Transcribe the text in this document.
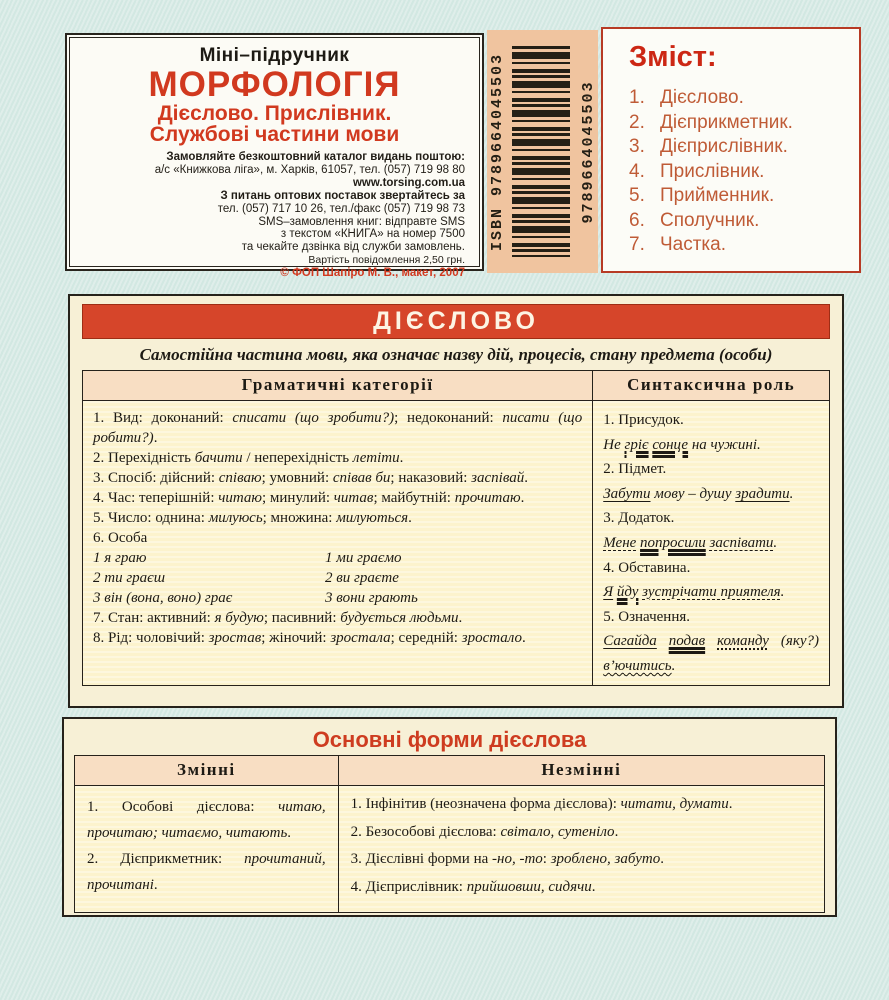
Міні–підручник
МОРФОЛОГІЯ
Дієслово. Прислівник.
Службові частини мови
Замовляйте безкоштовний каталог видань поштою:
а/с «Книжкова ліга», м. Харків, 61057, тел. (057) 719 98 80
www.torsing.com.ua
З питань оптових поставок звертайтесь за
тел. (057) 717 10 26, тел./факс (057) 719 98 73
SMS–замовлення книг: відправте SMS
з текстом «КНИГА» на номер 7500
та чекайте дзвінка від служби замовлень.
Вартість повідомлення 2,50 грн.
© ФОП Шапіро М. В., макет, 2007
ISBN 9789664045503	9789664045503
Зміст:
1. Дієслово.
2. Дієприкметник.
3. Дієприслівник.
4. Прислівник.
5. Прийменник.
6. Сполучник.
7. Частка.
ДІЄСЛОВО
Самостійна частина мови, яка означає назву дій, процесів, стану предмета (особи)
Граматичні категорії	Синтаксична роль

1. Вид: доконаний: списати (що зробити?); недоконаний: писати (що робити?).

2. Перехідність бачити / неперехідність летіти.

3. Спосіб: дійсний: співаю; умовний: співав би; наказовий: заспівай.

4. Час: теперішній: читаю; минулий: читав; майбутній: прочитаю.

5. Число: однина: милуюсь; множина: милуються.

6. Особа

1 я граю	1 ми граємо
2 ти граєш	2 ви граєте
3 він (вона, воно) грає	3 вони грають

7. Стан: активний: я будую; пасивний: будується людьми.

8. Рід: чоловічий: зростав; жіночий: зростала; середній: зростало.

1. Присудок.

Не гріє сонце на чужині.

2. Підмет.

Забути мову – душу зрадити.

3. Додаток.

Мене попросили заспівати.

4. Обставина.

Я йду зустрічати приятеля.

5. Означення.

Сагайда подав команду (яку?) в’ючитись.

Основні форми дієслова
Змінні	Незмінні

1. Особові дієслова: читаю, прочитаю; читаємо, читають.

2. Дієприкметник: прочитаний, прочитані.

1. Інфінітив (неозначена форма дієслова): читати, думати.

2. Безособові дієслова: світало, сутеніло.

3. Дієслівні форми на -но, -то: зроблено, забуто.

4. Дієприслівник: прийшовши, сидячи.
